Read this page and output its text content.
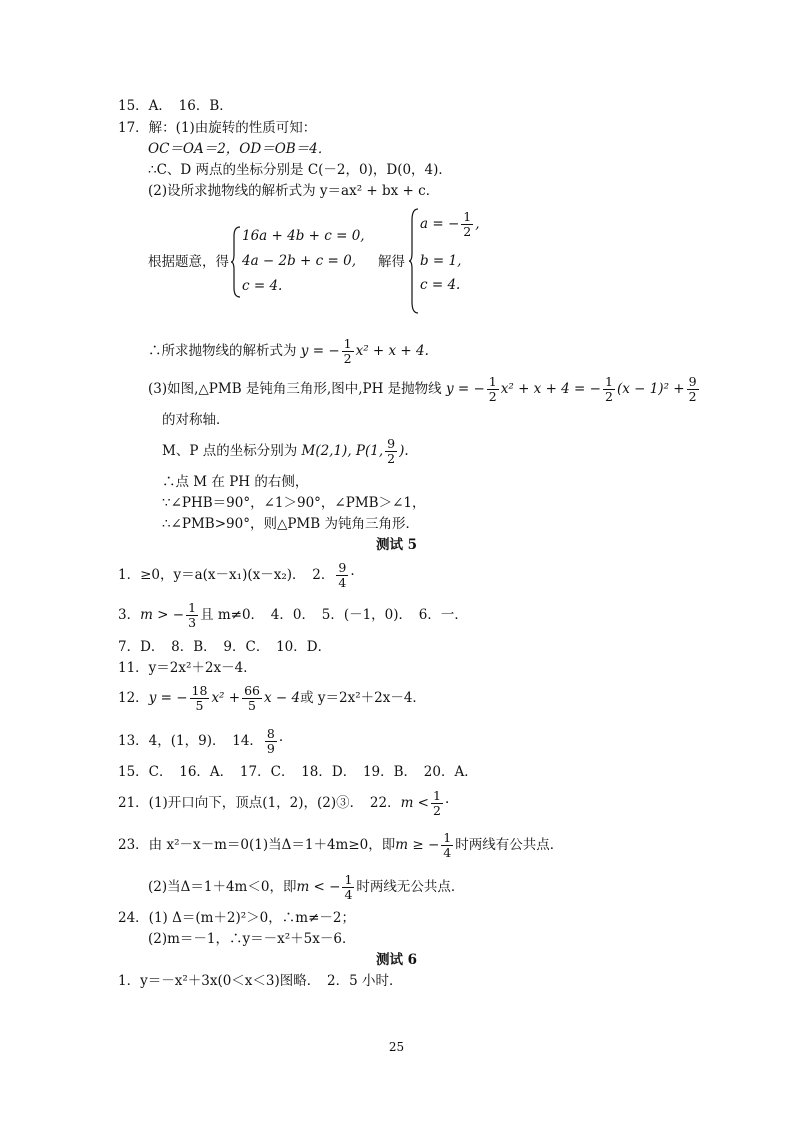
15．A．　16．B．
17．解：(1)由旋转的性质可知：
OC＝OA＝2，OD＝OB＝4．
∴C、D 两点的坐标分别是 C(－2，0)，D(0，4)．
(2)设所求抛物线的解析式为 y＝ax² + bx + c．
根据题意，得
16a + 4b + c = 0,
4a − 2b + c = 0,
c = 4.
解得
a = − $\frac{1}{2}$ ,
b = 1,
c = 4.
∴所求抛物线的解析式为 y = − $\frac{1}{2} x^2 + x + 4$.
(3)如图,△PMB 是钝角三角形,图中,PH 是抛物线 y = − $\frac{1}{2} x^2 + x + 4$ = − $\frac{1}{2} (x - 1)^2 + \frac{9}{2}$
的对称轴．
M、P 点的坐标分别为 M(2,1), P(1, $\frac{9}{2}$ ).
∴点 M 在 PH 的右侧，
∵∠PHB＝90°，∠1＞90°，∠PMB＞∠1，
∴∠PMB>90°，则△PMB 为钝角三角形．
测试 5
1．≥0，y＝a(x－x₁)(x－x₂)．　2． $\frac{9}{4}$ ·
3．m > − $\frac{1}{3}$ 且 m≠0．　4．0．　5．(－1，0)．　6．一．
7．D．　8．B．　9．C．　10．D．
11．y＝2x²＋2x－4．
12．y = − $\frac{18}{5} x^2 + \frac{66}{5}$ x − 4或 y＝2x²＋2x－4．
13．4，(1，9)．　14． $\frac{8}{9}$ ·
15．C．　16．A．　17．C．　18．D．　19．B．　20．A．
21．(1)开口向下，顶点(1，2)，(2)③．　22．$m < \frac{1}{2}$ ·
23．由 x²－x－m＝0(1)当Δ＝1＋4m≥0，即m ≥ − $\frac{1}{4}$ 时两线有公共点．
(2)当Δ＝1＋4m＜0，即m < − $\frac{1}{4}$ 时两线无公共点．
24．(1) Δ＝(m＋2)²＞0，∴m≠－2；
(2)m＝－1，∴y＝－x²＋5x－6．
测试 6
1．y＝－x²＋3x(0＜x＜3)图略．　2．5 小时．
25
